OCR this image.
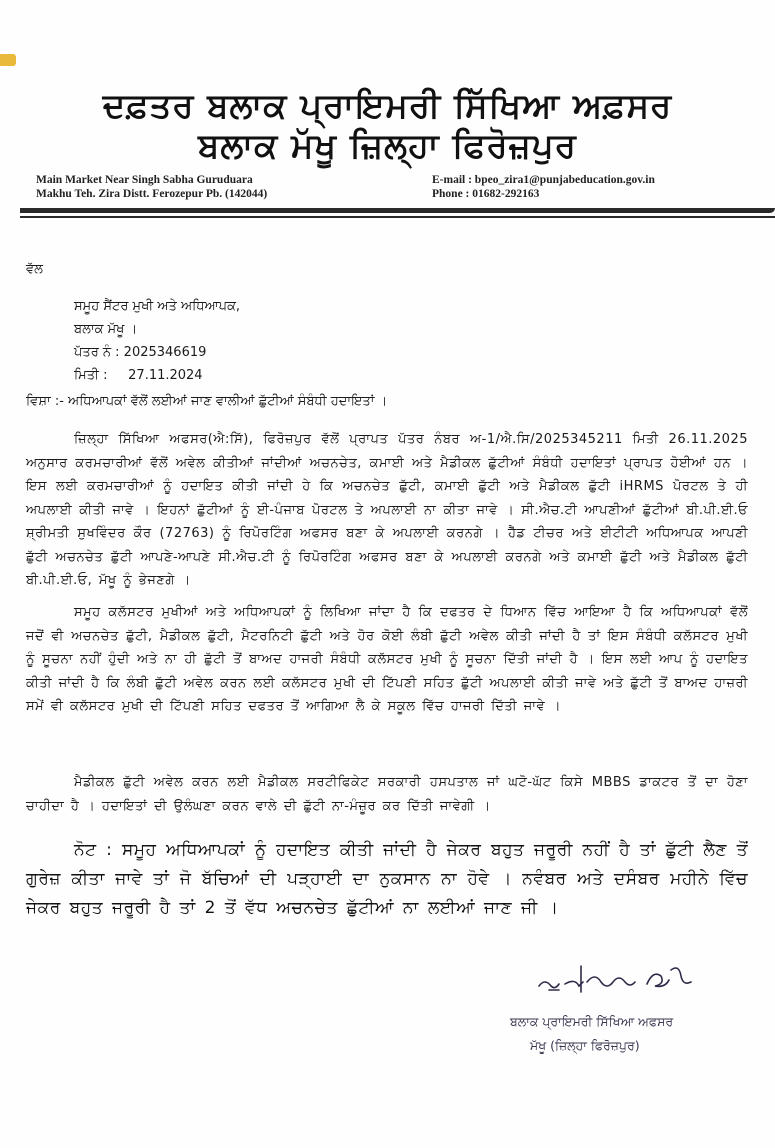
ਦਫ਼ਤਰ ਬਲਾਕ ਪ੍ਰਾਇਮਰੀ ਸਿੱਖਿਆ ਅਫ਼ਸਰ
ਬਲਾਕ ਮੱਖੂ ਜ਼ਿਲ੍ਹਾ ਫਿਰੋਜ਼ਪੁਰ
Main Market Near Singh Sabha Guruduara
Makhu Teh. Zira Distt. Ferozepur Pb. (142044)
E-mail : bpeo_zira1@punjabeducation.gov.in
Phone : 01682-292163
ਵੱਲ
ਸਮੂਹ ਸੈਂਟਰ ਮੁਖੀ ਅਤੇ ਅਧਿਆਪਕ,
ਬਲਾਕ ਮੱਖੂ ।
ਪੱਤਰ ਨੰ : 2025346619
ਮਿਤੀ :     27.11.2024
ਵਿਸ਼ਾ :- ਅਧਿਆਪਕਾਂ ਵੱਲੋਂ ਲਈਆਂ ਜਾਣ ਵਾਲੀਆਂ ਛੁੱਟੀਆਂ ਸੰਬੰਧੀ ਹਦਾਇਤਾਂ ।
ਜ਼ਿਲ੍ਹਾ ਸਿੱਖਿਆ ਅਫਸਰ(ਐ:ਸਿੱ), ਫਿਰੋਜ਼ਪੁਰ ਵੱਲੋਂ ਪ੍ਰਾਪਤ ਪੱਤਰ ਨੰਬਰ ਅ-1/ਐ.ਸਿ/2025345211 ਮਿਤੀ 26.11.2025 ਅਨੁਸਾਰ ਕਰਮਚਾਰੀਆਂ ਵੱਲੋਂ ਅਵੇਲ ਕੀਤੀਆਂ ਜਾਂਦੀਆਂ ਅਚਨਚੇਤ, ਕਮਾਈ ਅਤੇ ਮੈਡੀਕਲ ਛੁੱਟੀਆਂ ਸੰਬੰਧੀ ਹਦਾਇਤਾਂ ਪ੍ਰਾਪਤ ਹੋਈਆਂ ਹਨ । ਇਸ ਲਈ ਕਰਮਚਾਰੀਆਂ ਨੂੰ ਹਦਾਇਤ ਕੀਤੀ ਜਾਂਦੀ ਹੇ ਕਿ ਅਚਨਚੇਤ ਛੁੱਟੀ, ਕਮਾਈ ਛੁੱਟੀ ਅਤੇ ਮੈਡੀਕਲ ਛੁੱਟੀ iHRMS ਪੋਰਟਲ ਤੇ ਹੀ ਅਪਲਾਈ ਕੀਤੀ ਜਾਵੇ । ਇਹਨਾਂ ਛੁੱਟੀਆਂ ਨੂੰ ਈ-ਪੰਜਾਬ ਪੋਰਟਲ ਤੇ ਅਪਲਾਈ ਨਾ ਕੀਤਾ ਜਾਵੇ । ਸੀ.ਐਚ.ਟੀ ਆਪਣੀਆਂ ਛੁੱਟੀਆਂ ਬੀ.ਪੀ.ਈ.ਓ ਸ਼੍ਰੀਮਤੀ ਸੁਖਵਿੰਦਰ ਕੌਰ (72763) ਨੂੰ ਰਿਪੋਰਟਿੰਗ ਅਫਸਰ ਬਣਾ ਕੇ ਅਪਲਾਈ ਕਰਨਗੇ । ਹੈੱਡ ਟੀਚਰ ਅਤੇ ਈਟੀਟੀ ਅਧਿਆਪਕ ਆਪਣੀ ਛੁੱਟੀ ਅਚਨਚੇਤ ਛੁੱਟੀ ਆਪਣੇ-ਆਪਣੇ ਸੀ.ਐਚ.ਟੀ ਨੂੰ ਰਿਪੋਰਟਿੰਗ ਅਫਸਰ ਬਣਾ ਕੇ ਅਪਲਾਈ ਕਰਨਗੇ ਅਤੇ ਕਮਾਈ ਛੁੱਟੀ ਅਤੇ ਮੈਡੀਕਲ ਛੁੱਟੀ ਬੀ.ਪੀ.ਈ.ਓ, ਮੱਖੂ ਨੂੰ ਭੇਜਣਗੇ ।
ਸਮੂਹ ਕਲੱਸਟਰ ਮੁਖੀਆਂ ਅਤੇ ਅਧਿਆਪਕਾਂ ਨੂੰ ਲਿਖਿਆ ਜਾਂਦਾ ਹੈ ਕਿ ਦਫਤਰ ਦੇ ਧਿਆਨ ਵਿੱਚ ਆਇਆ ਹੈ ਕਿ ਅਧਿਆਪਕਾਂ ਵੱਲੋਂ ਜਦੋਂ ਵੀ ਅਚਨਚੇਤ ਛੁੱਟੀ, ਮੈਡੀਕਲ ਛੁੱਟੀ, ਮੈਟਰਨਿਟੀ ਛੁੱਟੀ ਅਤੇ ਹੋਰ ਕੋਈ ਲੰਬੀ ਛੁੱਟੀ ਅਵੇਲ ਕੀਤੀ ਜਾਂਦੀ ਹੈ ਤਾਂ ਇਸ ਸੰਬੰਧੀ ਕਲੱਸਟਰ ਮੁਖੀ ਨੂੰ ਸੂਚਨਾ ਨਹੀਂ ਹੁੰਦੀ ਅਤੇ ਨਾ ਹੀ ਛੁੱਟੀ ਤੋਂ ਬਾਅਦ ਹਾਜਰੀ ਸੰਬੰਧੀ ਕਲੱਸਟਰ ਮੁਖੀ ਨੂੰ ਸੂਚਨਾ ਦਿੱਤੀ ਜਾਂਦੀ ਹੈ । ਇਸ ਲਈ ਆਪ ਨੂੰ ਹਦਾਇਤ ਕੀਤੀ ਜਾਂਦੀ ਹੈ ਕਿ ਲੰਬੀ ਛੁੱਟੀ ਅਵੇਲ ਕਰਨ ਲਈ ਕਲੱਸਟਰ ਮੁਖੀ ਦੀ ਟਿੱਪਣੀ ਸਹਿਤ ਛੁੱਟੀ ਅਪਲਾਈ ਕੀਤੀ ਜਾਵੇ ਅਤੇ ਛੁੱਟੀ ਤੋਂ ਬਾਅਦ ਹਾਜ਼ਰੀ ਸਮੇਂ ਵੀ ਕਲੱਸਟਰ ਮੁਖੀ ਦੀ ਟਿੱਪਣੀ ਸਹਿਤ ਦਫਤਰ ਤੋਂ ਆਗਿਆ ਲੈ ਕੇ ਸਕੂਲ ਵਿੱਚ ਹਾਜਰੀ ਦਿੱਤੀ ਜਾਵੇ ।
ਮੈਡੀਕਲ ਛੁੱਟੀ ਅਵੇਲ ਕਰਨ ਲਈ ਮੈਡੀਕਲ ਸਰਟੀਫਿਕੇਟ ਸਰਕਾਰੀ ਹਸਪਤਾਲ ਜਾਂ ਘਟੋ-ਘੱਟ ਕਿਸੇ MBBS ਡਾਕਟਰ ਤੋਂ ਦਾ ਹੋਣਾ ਚਾਹੀਦਾ ਹੈ । ਹਦਾਇਤਾਂ ਦੀ ਉਲੰਘਣਾ ਕਰਨ ਵਾਲੇ ਦੀ ਛੁੱਟੀ ਨਾ-ਮੰਜ਼ੂਰ ਕਰ ਦਿੱਤੀ ਜਾਵੇਗੀ ।
ਨੋਟ : ਸਮੂਹ ਅਧਿਆਪਕਾਂ ਨੂੰ ਹਦਾਇਤ ਕੀਤੀ ਜਾਂਦੀ ਹੈ ਜੇਕਰ ਬਹੁਤ ਜਰੂਰੀ ਨਹੀਂ ਹੈ ਤਾਂ ਛੁੱਟੀ ਲੈਣ ਤੋਂ ਗੁਰੇਜ਼ ਕੀਤਾ ਜਾਵੇ ਤਾਂ ਜੋ ਬੱਚਿਆਂ ਦੀ ਪੜ੍ਹਾਈ ਦਾ ਨੁਕਸਾਨ ਨਾ ਹੋਵੇ । ਨਵੰਬਰ ਅਤੇ ਦਸੰਬਰ ਮਹੀਨੇ ਵਿੱਚ ਜੇਕਰ ਬਹੁਤ ਜਰੂਰੀ ਹੈ ਤਾਂ 2 ਤੋਂ ਵੱਧ ਅਚਨਚੇਤ ਛੁੱਟੀਆਂ ਨਾ ਲਈਆਂ ਜਾਣ ਜੀ ।
ਬਲਾਕ ਪ੍ਰਾਇਮਰੀ ਸਿੱਖਿਆ ਅਫਸਰ
ਮੱਖੂ (ਜ਼ਿਲ੍ਹਾ ਫਿਰੋਜ਼ਪੁਰ)
